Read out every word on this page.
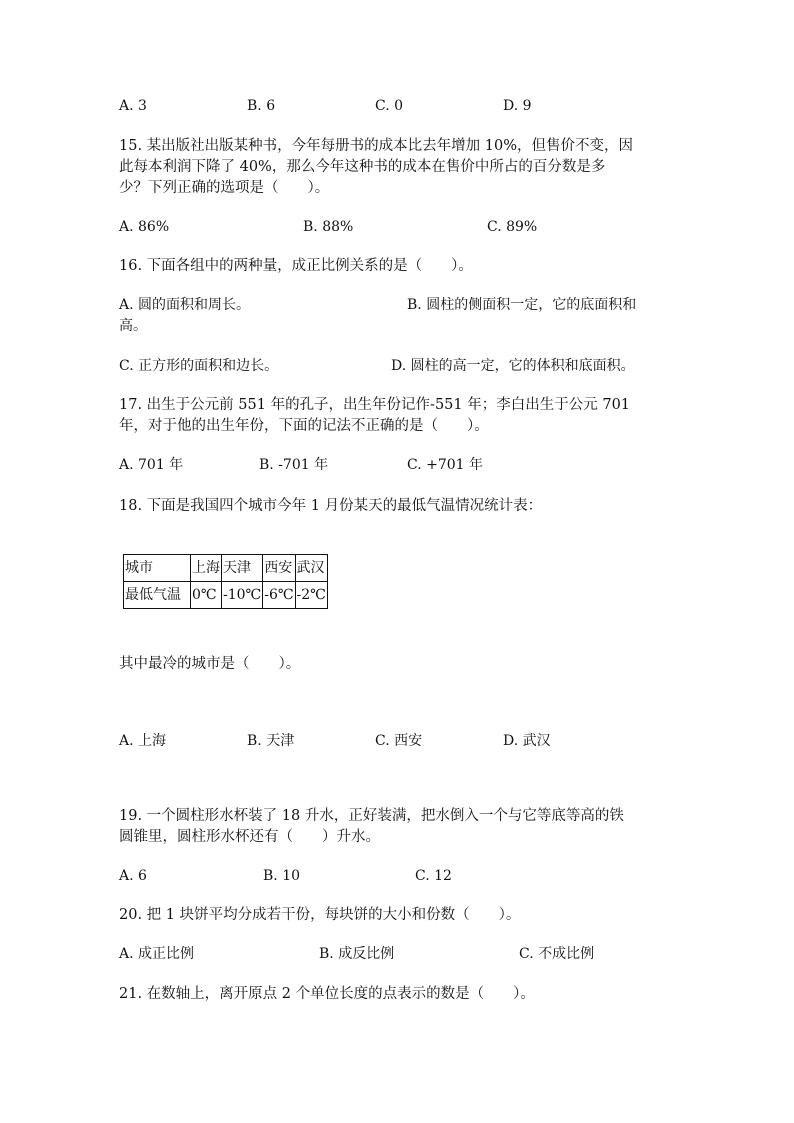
A. 3	B. 6	C. 0	D. 9
15. 某出版社出版某种书，今年每册书的成本比去年增加 10%，但售价不变，因
此每本利润下降了 40%，那么今年这种书的成本在售价中所占的百分数是多
少？下列正确的选项是（　　）。
A. 86%	B. 88%	C. 89%
16. 下面各组中的两种量，成正比例关系的是（　　）。
A. 圆的面积和周长。	B. 圆柱的侧面积一定，它的底面积和
高。
C. 正方形的面积和边长。	D. 圆柱的高一定，它的体积和底面积。
17. 出生于公元前 551 年的孔子，出生年份记作-551 年；李白出生于公元 701
年，对于他的出生年份，下面的记法不正确的是（　　）。
A. 701 年	B. -701 年	C. +701 年
18. 下面是我国四个城市今年 1 月份某天的最低气温情况统计表：
城市	上海	天津	西安	武汉
最低气温	0℃	-10℃	-6℃	-2℃
其中最冷的城市是（　　）。
A. 上海	B. 天津	C. 西安	D. 武汉
19. 一个圆柱形水杯装了 18 升水，正好装满，把水倒入一个与它等底等高的铁
圆锥里，圆柱形水杯还有（　　）升水。
A. 6	B. 10	C. 12
20. 把 1 块饼平均分成若干份，每块饼的大小和份数（　　）。
A. 成正比例	B. 成反比例	C. 不成比例
21. 在数轴上，离开原点 2 个单位长度的点表示的数是（　　）。
